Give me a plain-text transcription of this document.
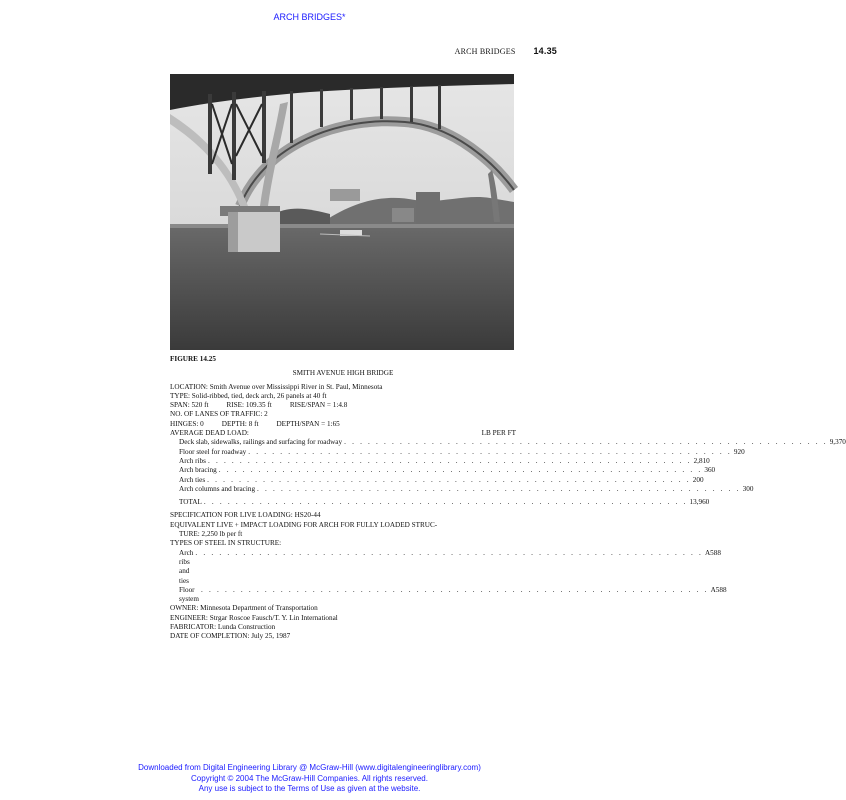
ARCH BRIDGES*
ARCH BRIDGES 14.35
FIGURE 14.25
SMITH AVENUE HIGH BRIDGE
LOCATION: Smith Avenue over Mississippi River in St. Paul, Minnesota
TYPE: Solid-ribbed, tied, deck arch, 26 panels at 40 ft
SPAN: 520 ft	RISE: 109.35 ft	RISE/SPAN = 1:4.8
NO. OF LANES OF TRAFFIC: 2
HINGES: 0	DEPTH: 8 ft	DEPTH/SPAN = 1:65
AVERAGE DEAD LOAD:	LB PER FT
Deck slab, sidewalks, railings and surfacing for roadway . . . . . . . . . . . . . . . . . . . . . . . . . . . . . . . . . . . . . . . . . . . . . . . . . . . . . . . . . . . . . 9,370
Floor steel for roadway . . . . . . . . . . . . . . . . . . . . . . . . . . . . . . . . . . . . . . . . . . . . . . . . . . . . . . . . . . . . . 920
Arch ribs . . . . . . . . . . . . . . . . . . . . . . . . . . . . . . . . . . . . . . . . . . . . . . . . . . . . . . . . . . . . . 2,810
Arch bracing . . . . . . . . . . . . . . . . . . . . . . . . . . . . . . . . . . . . . . . . . . . . . . . . . . . . . . . . . . . . . 360
Arch ties . . . . . . . . . . . . . . . . . . . . . . . . . . . . . . . . . . . . . . . . . . . . . . . . . . . . . . . . . . . . . 200
Arch columns and bracing . . . . . . . . . . . . . . . . . . . . . . . . . . . . . . . . . . . . . . . . . . . . . . . . . . . . . . . . . . . . . 300
TOTAL . . . . . . . . . . . . . . . . . . . . . . . . . . . . . . . . . . . . . . . . . . . . . . . . . . . . . . . . . . . . . 13,960
SPECIFICATION FOR LIVE LOADING: HS20-44
EQUIVALENT LIVE + IMPACT LOADING FOR ARCH FOR FULLY LOADED STRUC-
TURE: 2,250 lb per ft
TYPES OF STEEL IN STRUCTURE:
Arch ribs and ties
. . . . . . . . . . . . . . . . . . . . . . . . . . . . . . . . . . . . . . . . . . . . . . . . . . . . . . . . . . . . . . . . A588
Floor system
. . . . . . . . . . . . . . . . . . . . . . . . . . . . . . . . . . . . . . . . . . . . . . . . . . . . . . . . . . . . . . . . A588
OWNER: Minnesota Department of Transportation
ENGINEER: Strgar Roscoe Fausch/T. Y. Lin International
FABRICATOR: Lunda Construction
DATE OF COMPLETION: July 25, 1987
Downloaded from Digital Engineering Library @ McGraw-Hill (www.digitalengineeringlibrary.com)
Copyright © 2004 The McGraw-Hill Companies. All rights reserved.
Any use is subject to the Terms of Use as given at the website.
